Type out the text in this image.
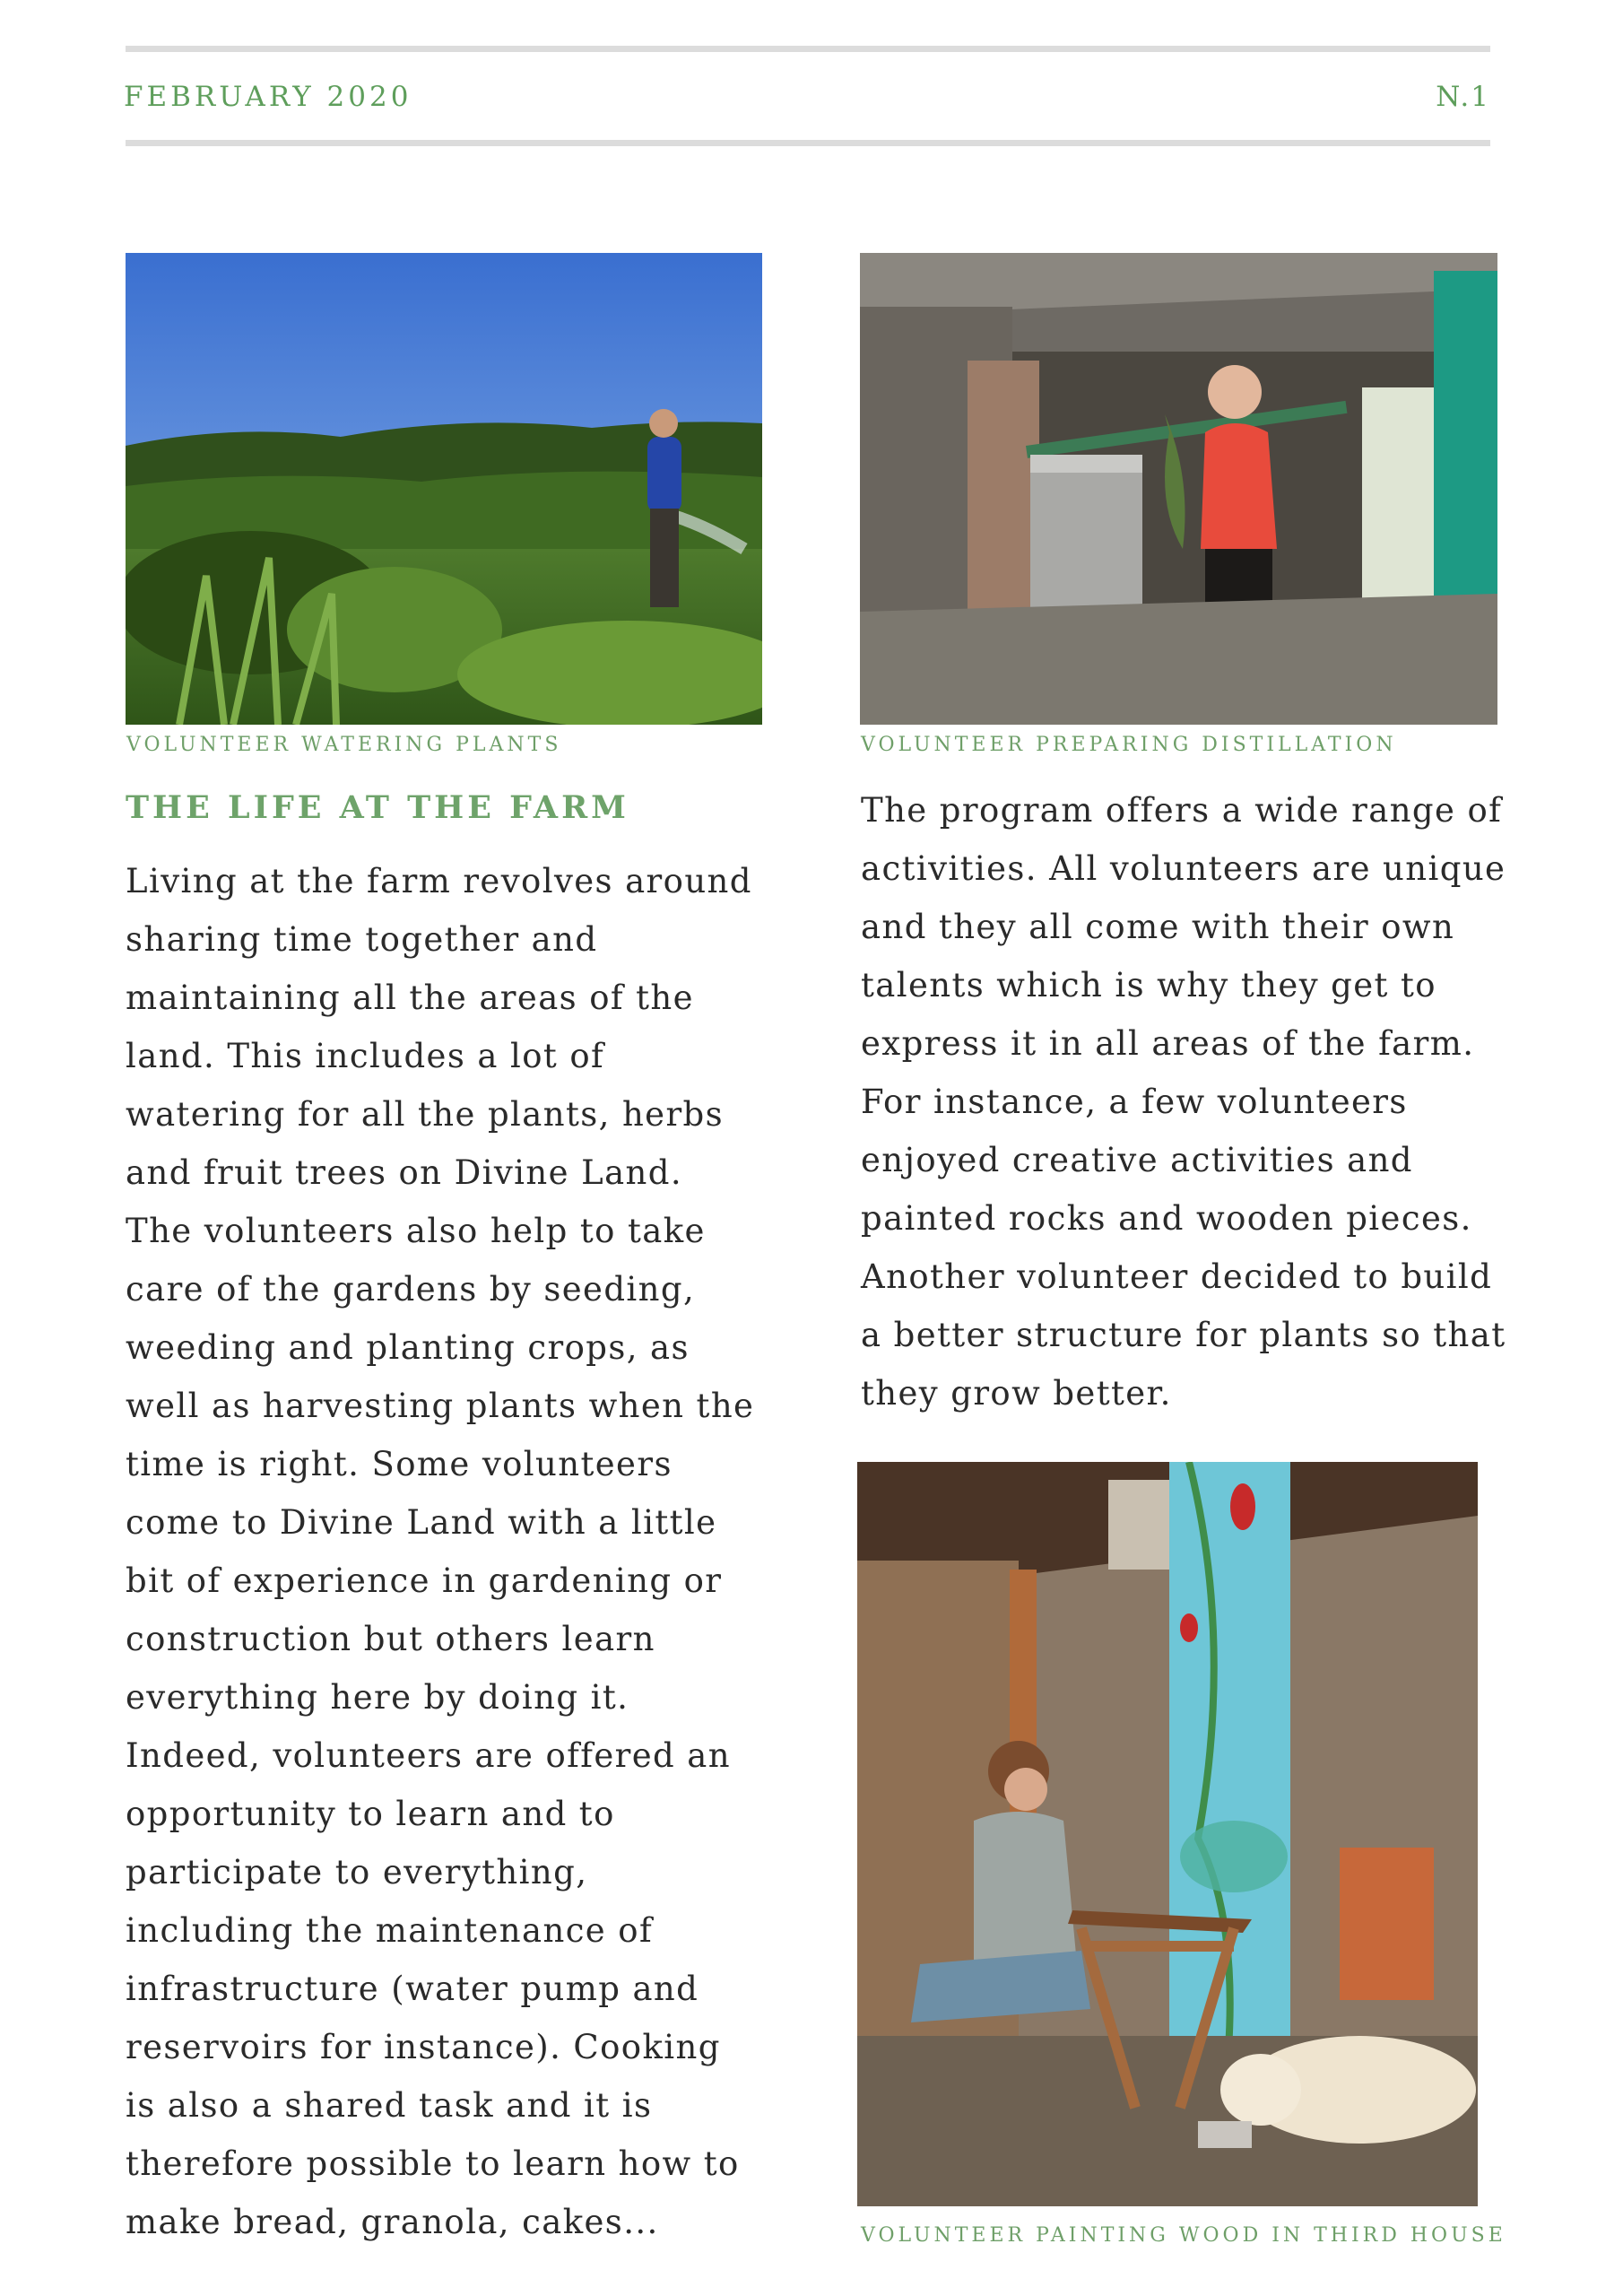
FEBRUARY 2020	N.1
VOLUNTEER WATERING PLANTS	VOLUNTEER PREPARING DISTILLATION
VOLUNTEER PAINTING WOOD IN THIRD HOUSE
THE LIFE AT THE FARM

Living at the farm revolves around
sharing time together and
maintaining all the areas of the
land. This includes a lot of
watering for all the plants, herbs
and fruit trees on Divine Land.
The volunteers also help to take
care of the gardens by seeding,
weeding and planting crops, as
well as harvesting plants when the
time is right. Some volunteers
come to Divine Land with a little
bit of experience in gardening or
construction but others learn
everything here by doing it.
Indeed, volunteers are offered an
opportunity to learn and to
participate to everything,
including the maintenance of
infrastructure (water pump and
reservoirs for instance). Cooking
is also a shared task and it is
therefore possible to learn how to
make bread, granola, cakes...

The program offers a wide range of
activities. All volunteers are unique
and they all come with their own
talents which is why they get to
express it in all areas of the farm.
For instance, a few volunteers
enjoyed creative activities and
painted rocks and wooden pieces.
Another volunteer decided to build
a better structure for plants so that
they grow better.
